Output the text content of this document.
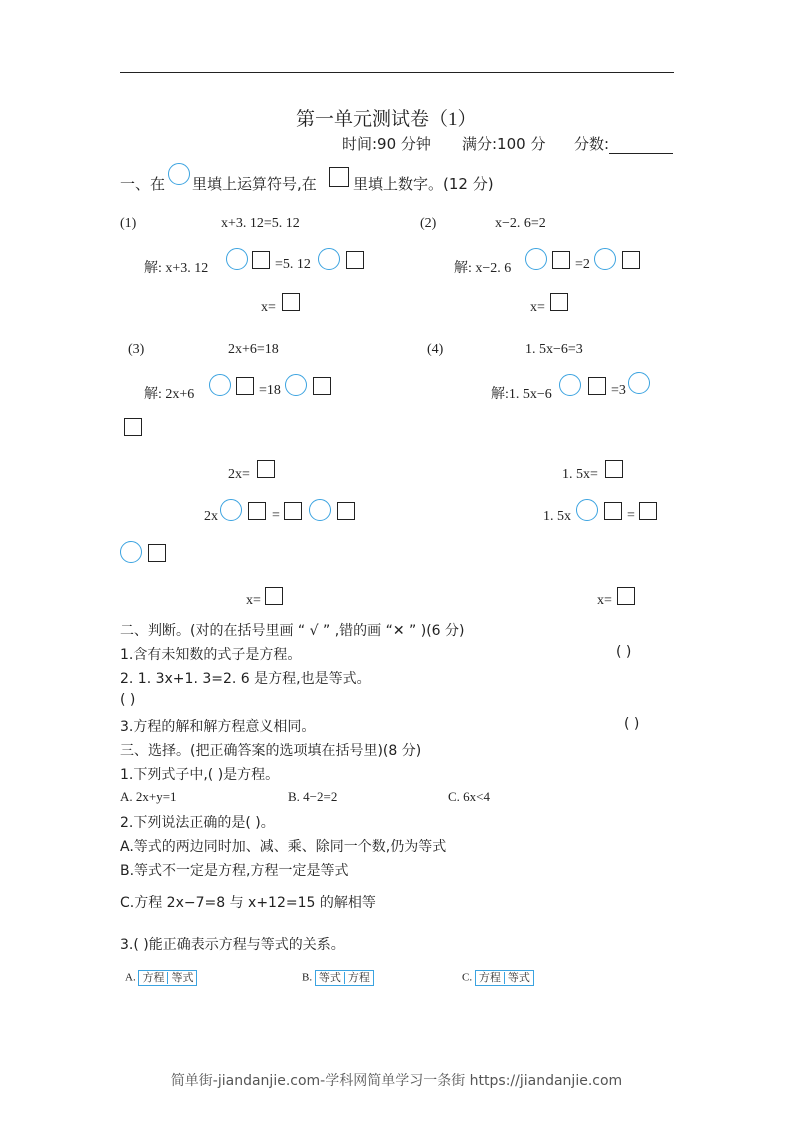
第一单元测试卷（1）
时间:90 分钟 满分:100 分 分数:
一、在 里填上运算符号,在 里填上数字。(12 分)
(1)	x+3. 12=5. 12
解: x+3. 12	=5. 12
x=
(2)	x−2. 6=2
解: x−2. 6	=2
x=
(3)	2x+6=18
解: 2x+6	=18
2x=
2x	=
x=
(4)	1. 5x−6=3
解:1. 5x−6	=3
1. 5x=
1. 5x	=
x=
二、判断。(对的在括号里画 “ √ ” ,错的画 “✕ ” )(6 分)
1.含有未知数的式子是方程。	( )
2. 1. 3x+1. 3=2. 6 是方程,也是等式。
( )
3.方程的解和解方程意义相同。	( )
三、选择。(把正确答案的选项填在括号里)(8 分)
1.下列式子中,( )是方程。
A. 2x+y=1	B. 4−2=2	C. 6x<4
2.下列说法正确的是( )。
A.等式的两边同时加、减、乘、除同一个数,仍为等式
B.等式不一定是方程,方程一定是等式
C.方程 2x−7=8 与 x+12=15 的解相等
3.( )能正确表示方程与等式的关系。
A. 方程 等式	B. 等式 方程	C. 方程 等式
简单街-jiandanjie.com-学科网简单学习一条街 https://jiandanjie.com
